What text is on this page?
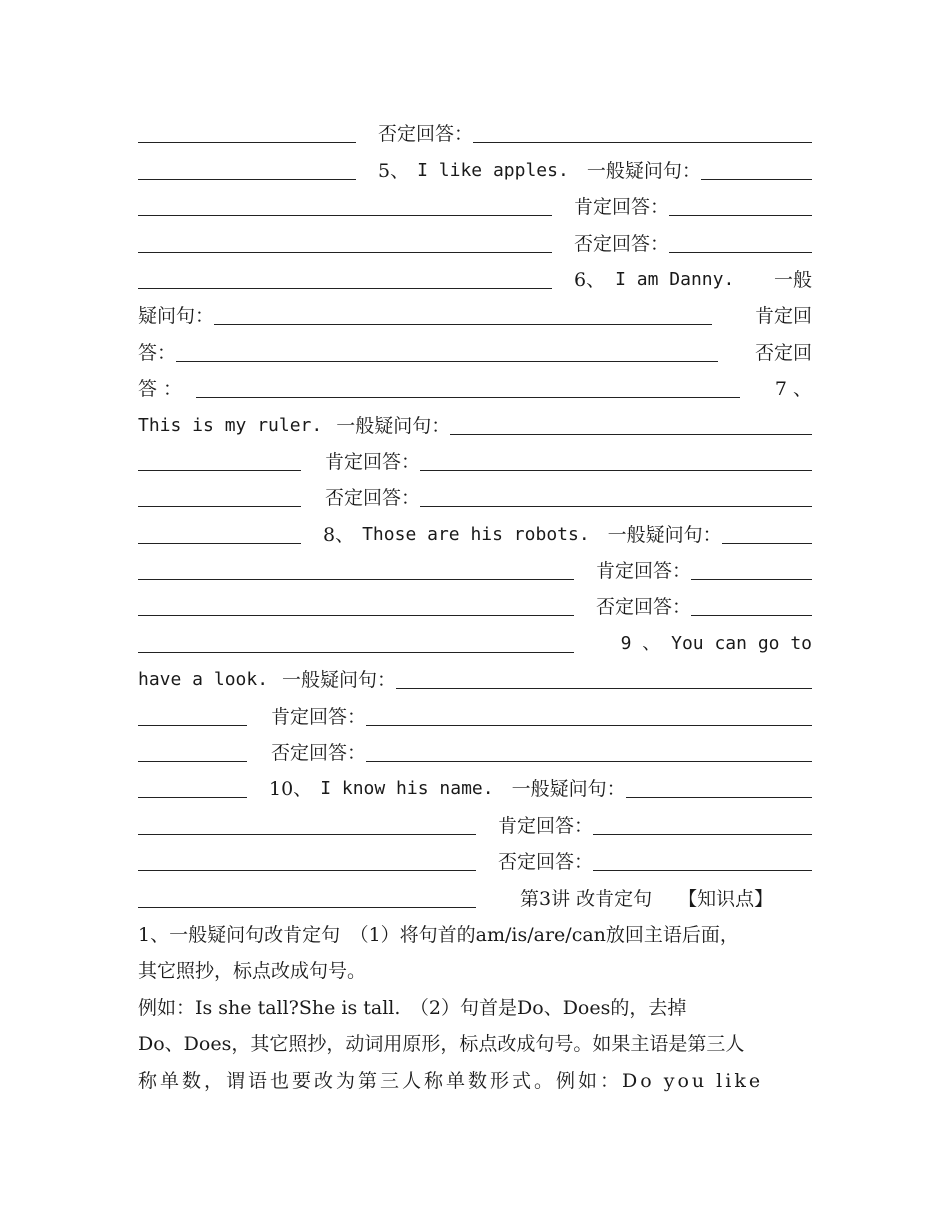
否定回答：
5、 I like apples. 一般疑问句：
肯定回答：
否定回答：
6、 I am Danny. 一般
疑问句：	肯定回
答：	否定回
答 ：	7 、
This is my ruler. 一般疑问句：
肯定回答：
否定回答：
8、 Those are his robots. 一般疑问句：
肯定回答：
否定回答：
9 、 You can go to
have a look. 一般疑问句：
肯定回答：
否定回答：
10、 I know his name. 一般疑问句：
肯定回答：
否定回答：
第3讲 改肯定句 【知识点】
1、一般疑问句改肯定句　（1）将句首的am/is/are/can放回主语后面，
其它照抄，标点改成句号。
例如：Is she tall?She is tall.　（2）句首是Do、Does的，去掉
Do、Does，其它照抄，动词用原形，标点改成句号。如果主语是第三人
称单数，谓语也要改为第三人称单数形式。例如：Do you like
